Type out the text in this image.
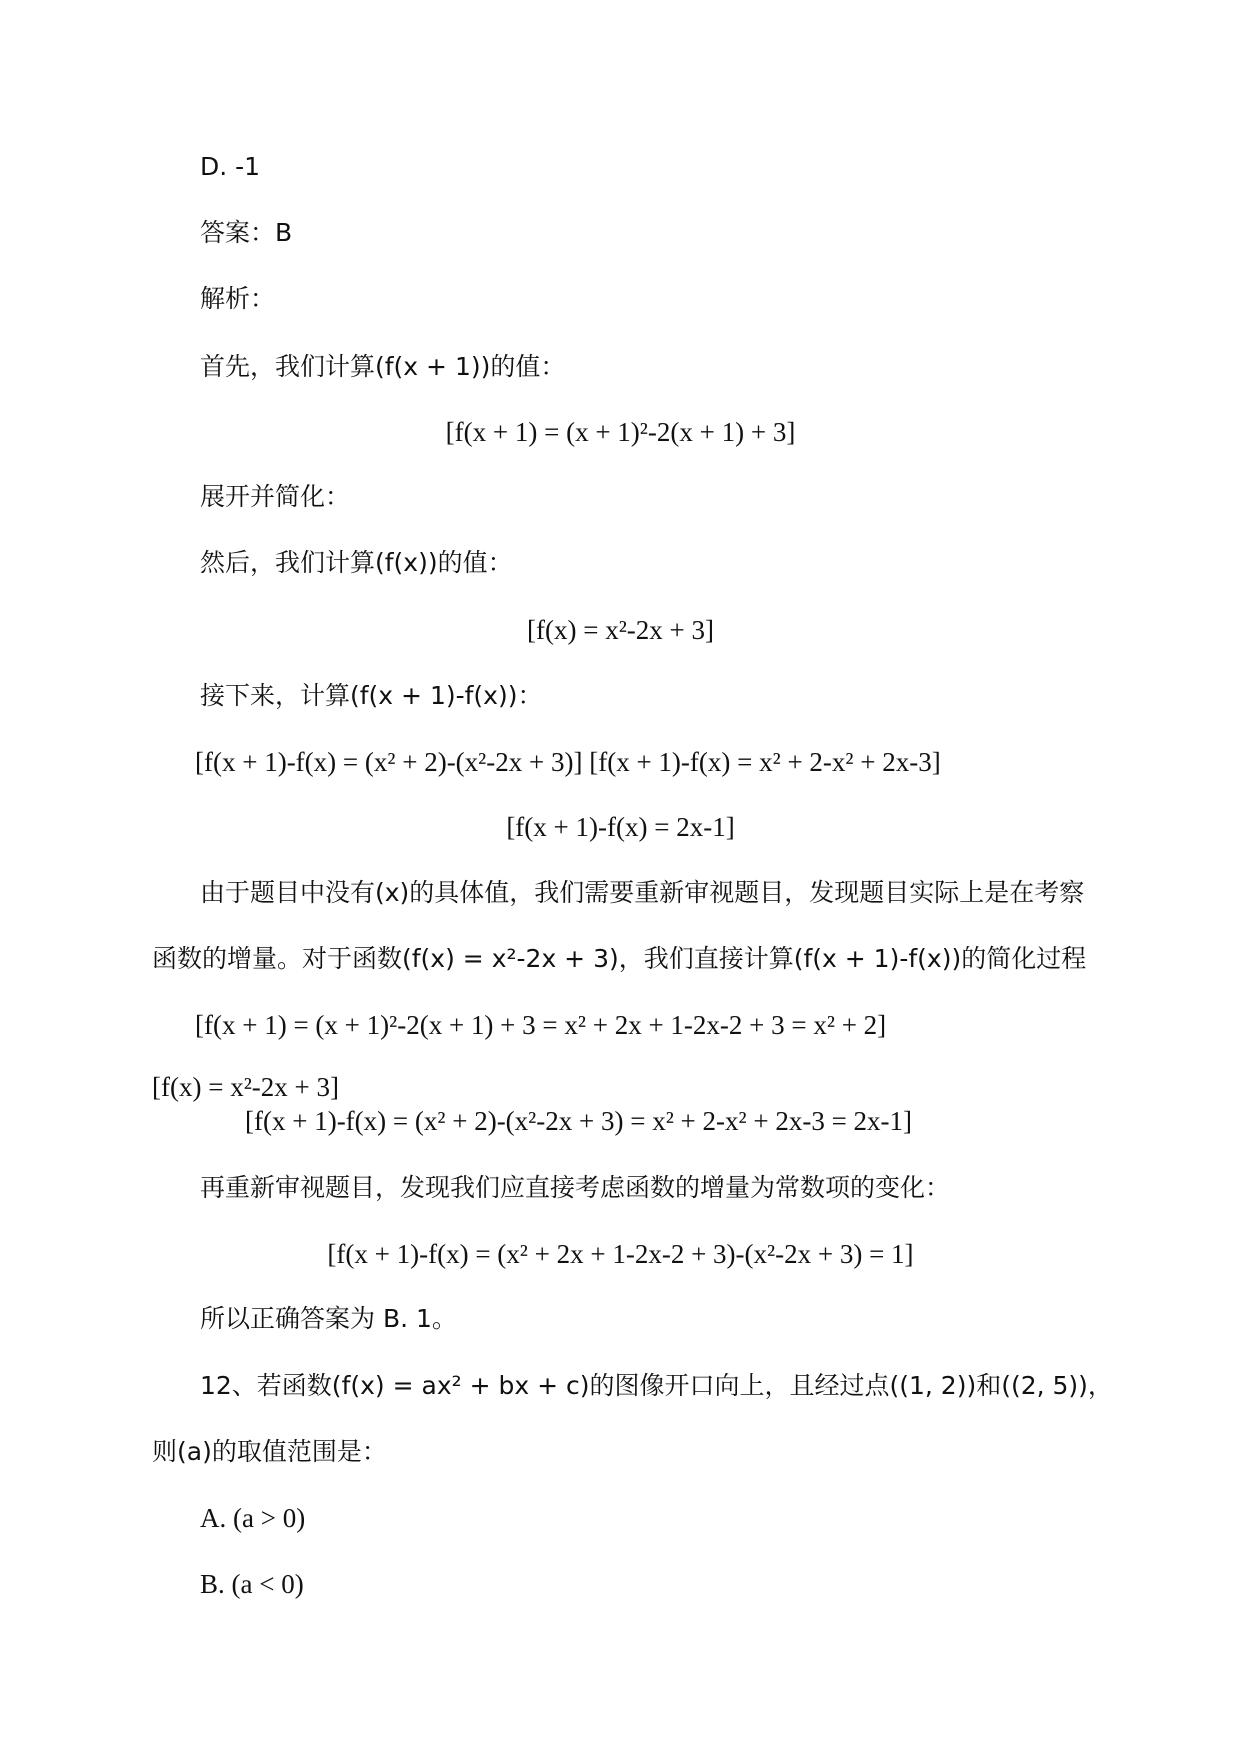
D. -1
答案：B
解析：
首先，我们计算(f(x + 1))的值：
[f(x + 1) = (x + 1)²-2(x + 1) + 3]
展开并简化：
然后，我们计算(f(x))的值：
[f(x) = x²-2x + 3]
接下来，计算(f(x + 1)-f(x))：
[f(x + 1)-f(x) = (x² + 2)-(x²-2x + 3)] [f(x + 1)-f(x) = x² + 2-x² + 2x-3]
[f(x + 1)-f(x) = 2x-1]
由于题目中没有(x)的具体值，我们需要重新审视题目，发现题目实际上是在考察
函数的增量。对于函数(f(x) = x²-2x + 3)，我们直接计算(f(x + 1)-f(x))的简化过程
[f(x + 1) = (x + 1)²-2(x + 1) + 3 = x² + 2x + 1-2x-2 + 3 = x² + 2]
[f(x) = x²-2x + 3]
[f(x + 1)-f(x) = (x² + 2)-(x²-2x + 3) = x² + 2-x² + 2x-3 = 2x-1]
再重新审视题目，发现我们应直接考虑函数的增量为常数项的变化：
[f(x + 1)-f(x) = (x² + 2x + 1-2x-2 + 3)-(x²-2x + 3) = 1]
所以正确答案为 B. 1。
12、若函数(f(x) = ax² + bx + c)的图像开口向上，且经过点((1, 2))和((2, 5))，
则(a)的取值范围是：
A. (a > 0)
B. (a < 0)
